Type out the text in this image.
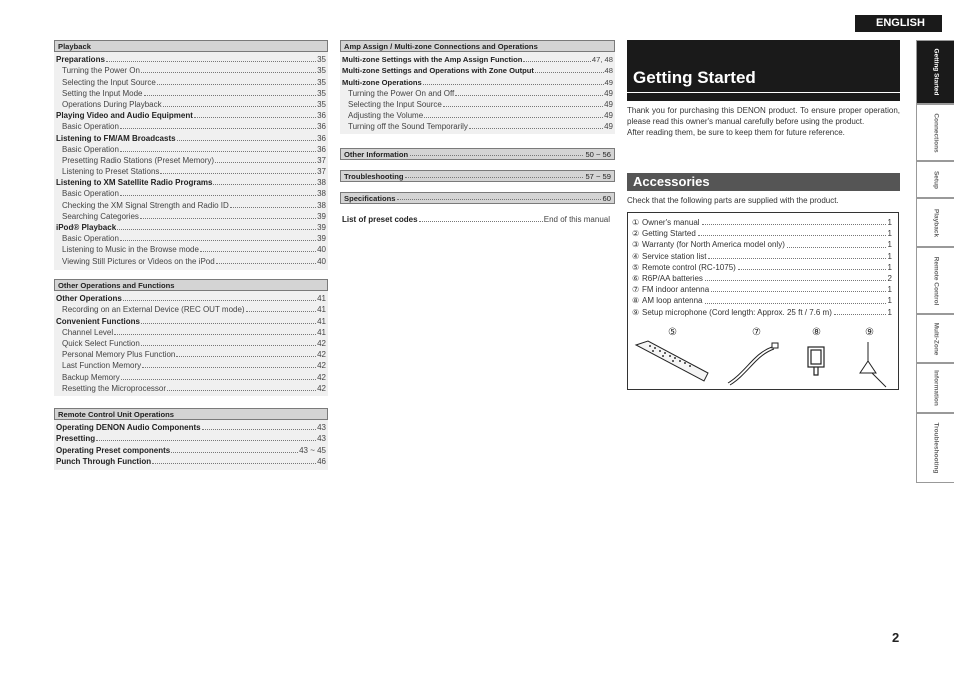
Playback
Preparations	35
Turning the Power On	35
Selecting the Input Source	35
Setting the Input Mode	35
Operations During Playback	35
Playing Video and Audio Equipment	36
Basic Operation	36
Listening to FM/AM Broadcasts	36
Basic Operation	36
Presetting Radio Stations (Preset Memory)	37
Listening to Preset Stations	37
Listening to XM Satellite Radio Programs	38
Basic Operation	38
Checking the XM Signal Strength and Radio ID	38
Searching Categories	39
iPod® Playback	39
Basic Operation	39
Listening to Music in the Browse mode	40
Viewing Still Pictures or Videos on the iPod	40
Other Operations and Functions
Other Operations	41
Recording on an External Device (REC OUT mode)	41
Convenient Functions	41
Channel Level	41
Quick Select Function	42
Personal Memory Plus Function	42
Last Function Memory	42
Backup Memory	42
Resetting the Microprocessor	42
Remote Control Unit Operations
Operating DENON Audio Components	43
Presetting	43
Operating Preset components	43 ~ 45
Punch Through Function	46
Amp Assign / Multi-zone Connections and Operations
Multi-zone Settings with the Amp Assign Function	47, 48
Multi-zone Settings and Operations with Zone Output	48
Multi-zone Operations	49
Turning the Power On and Off	49
Selecting the Input Source	49
Adjusting the Volume	49
Turning off the Sound Temporarily	49
Other Information	50 ~ 56
Troubleshooting	57 ~ 59
Specifications	60
List of preset codes	End of this manual
ENGLISH
Getting Started
Thank you for purchasing this DENON product. To ensure proper operation, please read this owner's manual carefully before using the product.
After reading them, be sure to keep them for future reference.
Accessories
Check that the following parts are supplied with the product.
① Owner's manual	1
② Getting Started	1
③ Warranty (for North America model only)	1
④ Service station list	1
⑤ Remote control (RC-1075)	1
⑥ R6P/AA batteries	2
⑦ FM indoor antenna	1
⑧ AM loop antenna	1
⑨ Setup microphone (Cord length: Approx. 25 ft / 7.6 m)	1
⑤	⑦	⑧	⑨
Getting Started
Connections
Setup
Playback
Remote Control
Multi-Zone
Information
Troubleshooting
2
